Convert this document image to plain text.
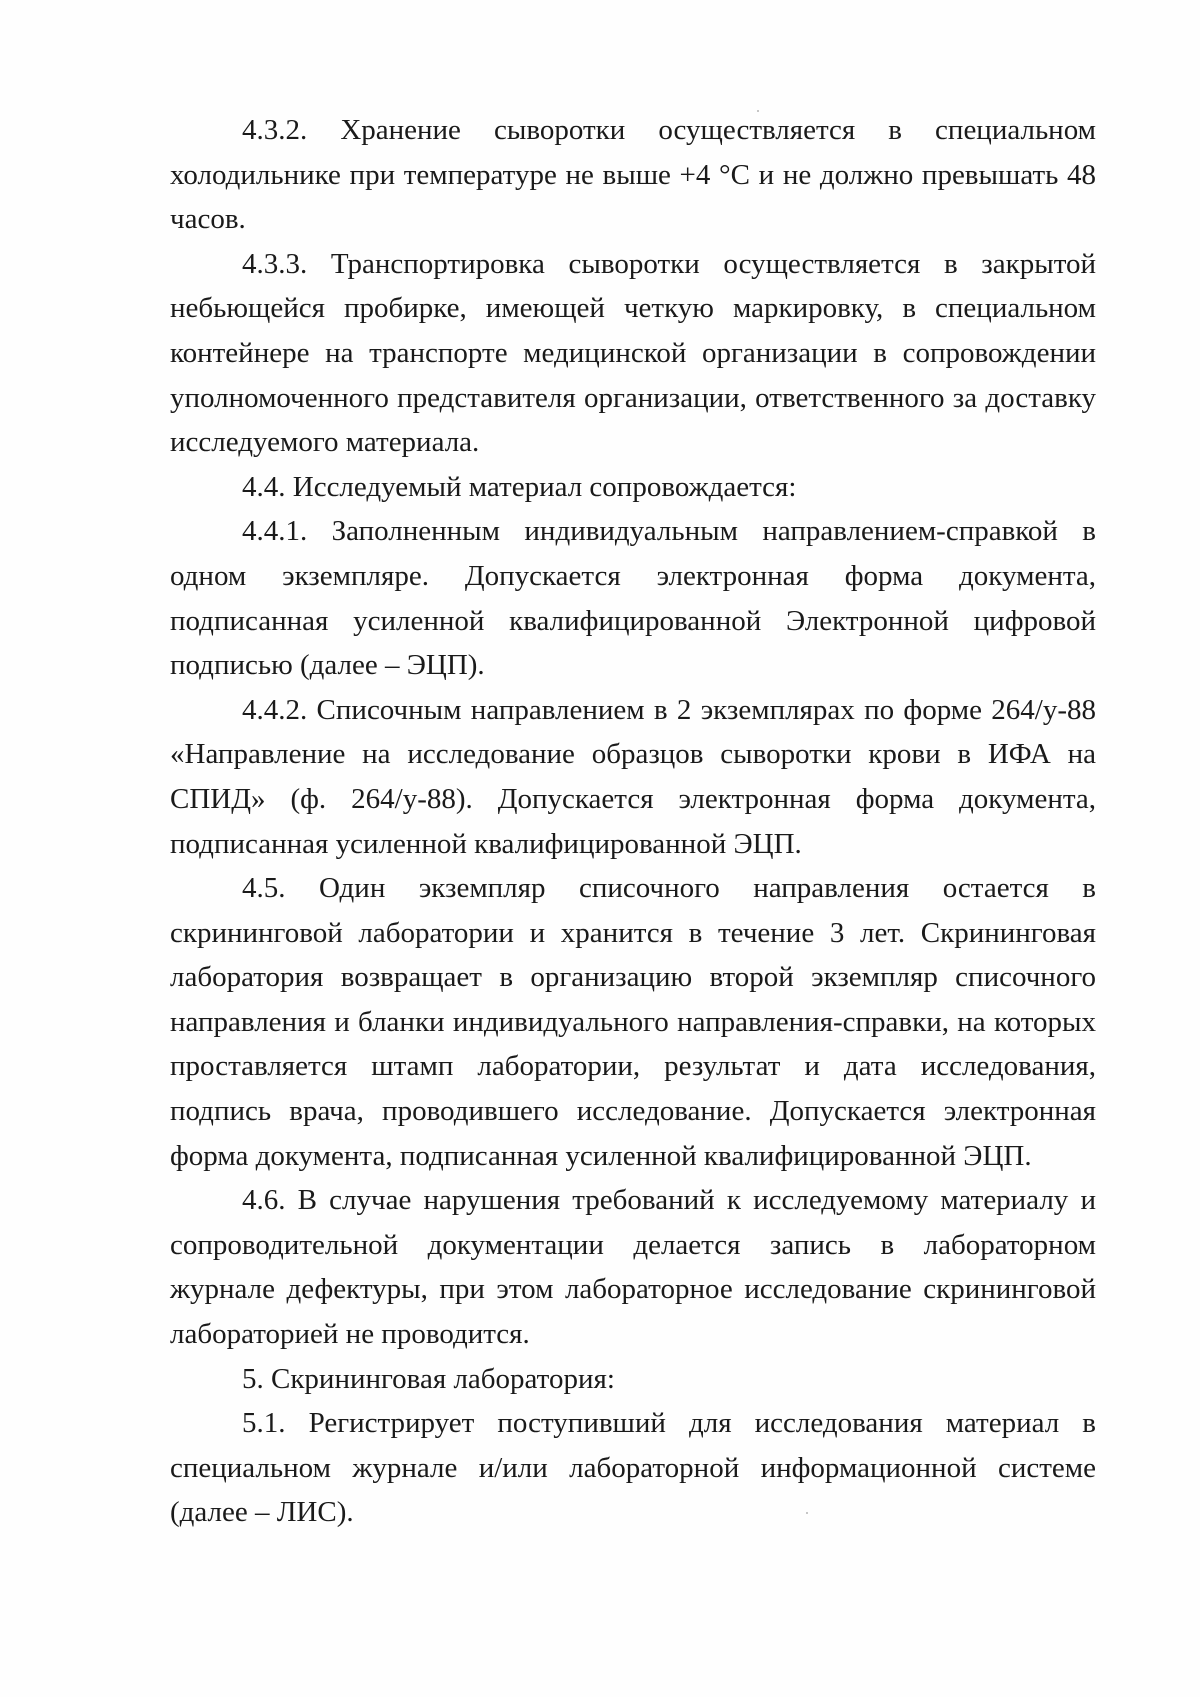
4.3.2. Хранение сыворотки осуществляется в специальном холодильнике при температуре не выше +4 °С и не должно превышать 48 часов.

4.3.3. Транспортировка сыворотки осуществляется в закрытой небьющейся пробирке, имеющей четкую маркировку, в специальном контейнере на транспорте медицинской организации в сопровождении уполномоченного представителя организации, ответственного за доставку исследуемого материала.

4.4. Исследуемый материал сопровождается:

4.4.1. Заполненным индивидуальным направлением-справкой в одном экземпляре. Допускается электронная форма документа, подписанная усиленной квалифицированной Электронной цифровой подписью (далее – ЭЦП).

4.4.2. Списочным направлением в 2 экземплярах по форме 264/у-88 «Направление на исследование образцов сыворотки крови в ИФА на СПИД» (ф. 264/у-88). Допускается электронная форма документа, подписанная усиленной квалифицированной ЭЦП.

4.5. Один экземпляр списочного направления остается в скрининговой лаборатории и хранится в течение 3 лет. Скрининговая лаборатория возвращает в организацию второй экземпляр списочного направления и бланки индивидуального направления-справки, на которых проставляется штамп лаборатории, результат и дата исследования, подпись врача, проводившего исследование. Допускается электронная форма документа, подписанная усиленной квалифицированной ЭЦП.

4.6. В случае нарушения требований к исследуемому материалу и сопроводительной документации делается запись в лабораторном журнале дефектуры, при этом лабораторное исследование скрининговой лабораторией не проводится.

5. Скрининговая лаборатория:

5.1. Регистрирует поступивший для исследования материал в специальном журнале и/или лабораторной информационной системе (далее – ЛИС).
